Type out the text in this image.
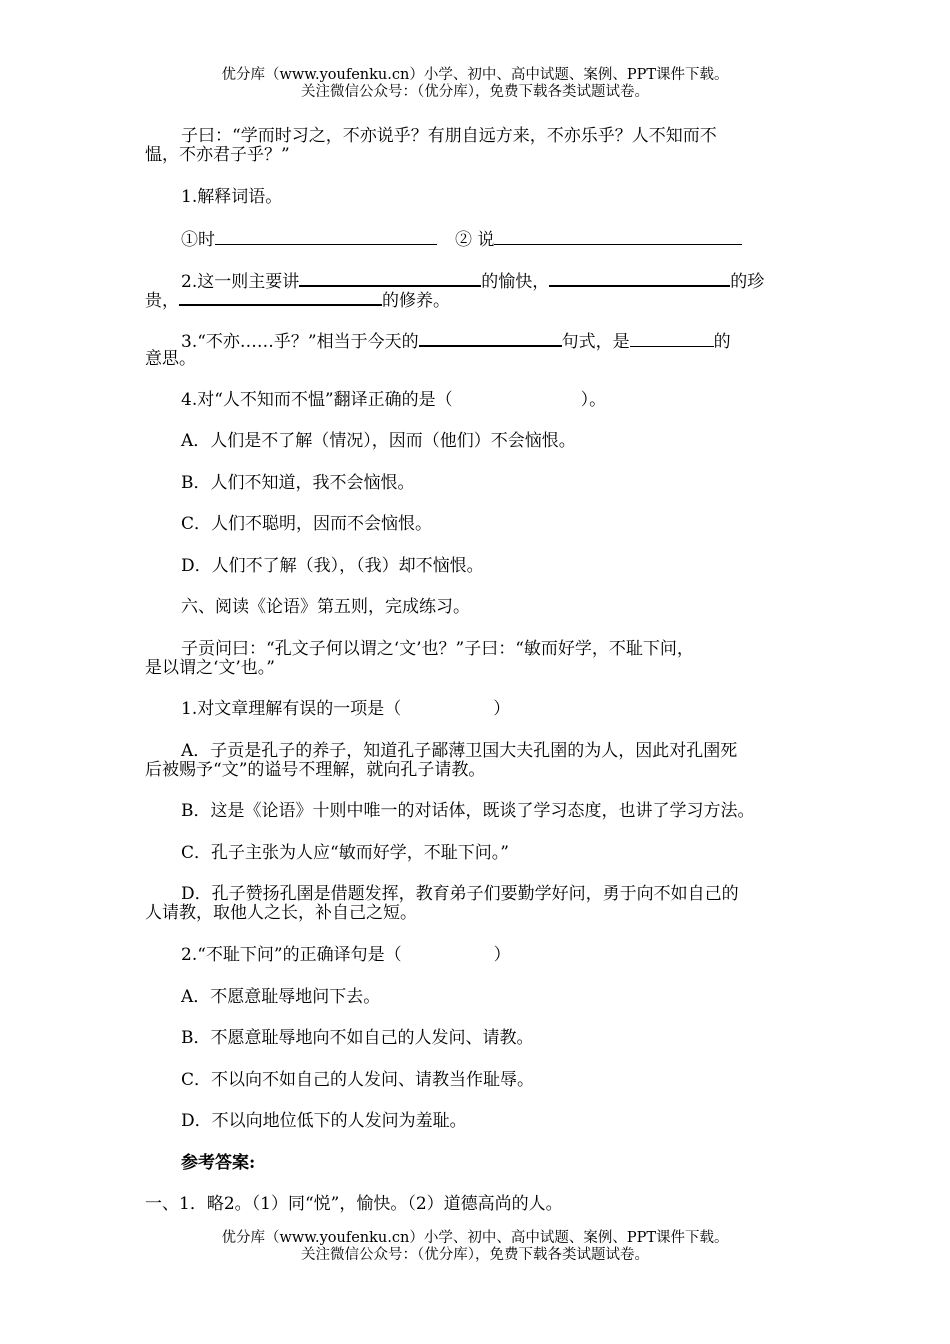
优分库（www.youfenku.cn）小学、初中、高中试题、案例、PPT课件下载。
关注微信公众号：（优分库），免费下载各类试题试卷。
子曰：“学而时习之，不亦说乎？有朋自远方来，不亦乐乎？人不知而不
愠，不亦君子乎？”
1.解释词语。
①时	② 说
2.这一则主要讲	的愉快，	的珍
贵，	的修养。
3.“不亦……乎？”相当于今天的	句式，是	的
意思。
4.对“人不知而不愠”翻译正确的是（	）。
A．人们是不了解（情况），因而（他们）不会恼恨。
B．人们不知道，我不会恼恨。
C．人们不聪明，因而不会恼恨。
D．人们不了解（我），（我）却不恼恨。
六、阅读《论语》第五则，完成练习。
子贡问曰：“孔文子何以谓之‘文’也？”子曰：“敏而好学，不耻下问，
是以谓之‘文’也。”
1.对文章理解有误的一项是（	）
A．子贡是孔子的养子，知道孔子鄙薄卫国大夫孔圉的为人，因此对孔圉死
后被赐予“文”的谥号不理解，就向孔子请教。
B．这是《论语》十则中唯一的对话体，既谈了学习态度，也讲了学习方法。
C．孔子主张为人应“敏而好学，不耻下问。”
D．孔子赞扬孔圉是借题发挥，教育弟子们要勤学好问，勇于向不如自己的
人请教，取他人之长，补自己之短。
2.“不耻下问”的正确译句是（	）
A．不愿意耻辱地问下去。
B．不愿意耻辱地向不如自己的人发问、请教。
C．不以向不如自己的人发问、请教当作耻辱。
D．不以向地位低下的人发问为羞耻。
参考答案:
一、1．略2。（1）同“悦”，愉快。（2）道德高尚的人。
优分库（www.youfenku.cn）小学、初中、高中试题、案例、PPT课件下载。
关注微信公众号：（优分库），免费下载各类试题试卷。
